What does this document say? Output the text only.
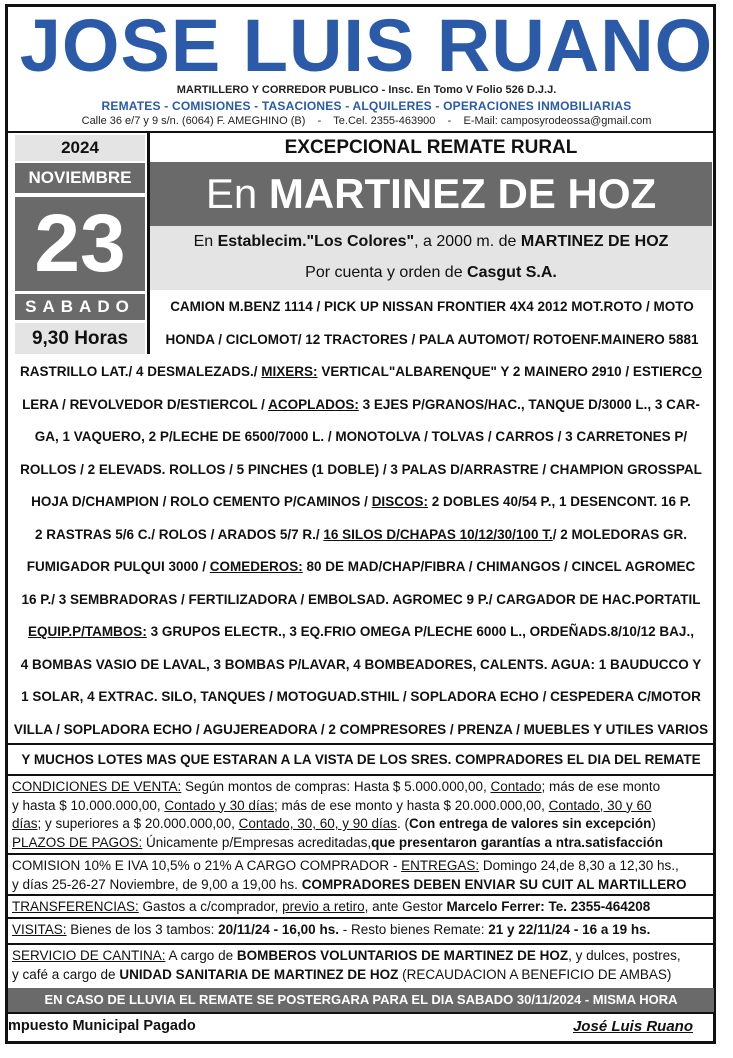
JOSE LUIS RUANO
MARTILLERO Y CORREDOR PUBLICO - Insc. En Tomo V Folio 526 D.J.J.
REMATES - COMISIONES - TASACIONES - ALQUILERES - OPERACIONES INMOBILIARIAS
Calle 36 e/7 y 9 s/n. (6064) F. AMEGHINO (B)    -    Te.Cel. 2355-463900    -    E-Mail: camposyrodeossa@gmail.com
2024
NOVIEMBRE
23
SABADO
9,30 Horas
EXCEPCIONAL REMATE RURAL
En MARTINEZ DE HOZ
En Establecim."Los Colores", a 2000 m. de MARTINEZ DE HOZ
Por cuenta y orden de Casgut S.A.
CAMION M.BENZ 1114 / PICK UP NISSAN FRONTIER 4X4 2012 MOT.ROTO / MOTO
HONDA / CICLOMOT/ 12 TRACTORES / PALA AUTOMOT/ ROTOENF.MAINERO 5881
RASTRILLO LAT./ 4 DESMALEZADS./ MIXERS: VERTICAL"ALBARENQUE" Y 2 MAINERO 2910 / ESTIERCO
LERA / REVOLVEDOR D/ESTIERCOL / ACOPLADOS: 3 EJES P/GRANOS/HAC., TANQUE D/3000 L., 3 CAR-
GA, 1 VAQUERO, 2 P/LECHE DE 6500/7000 L. / MONOTOLVA / TOLVAS / CARROS / 3 CARRETONES P/
ROLLOS / 2 ELEVADS. ROLLOS / 5 PINCHES (1 DOBLE) / 3 PALAS D/ARRASTRE / CHAMPION GROSSPAL
HOJA D/CHAMPION / ROLO CEMENTO P/CAMINOS / DISCOS: 2 DOBLES 40/54 P., 1 DESENCONT. 16 P.
2 RASTRAS 5/6 C./ ROLOS / ARADOS 5/7 R./ 16 SILOS D/CHAPAS 10/12/30/100 T./ 2 MOLEDORAS GR.
FUMIGADOR PULQUI 3000 / COMEDEROS: 80 DE MAD/CHAP/FIBRA / CHIMANGOS / CINCEL AGROMEC
16 P./ 3 SEMBRADORAS / FERTILIZADORA / EMBOLSAD. AGROMEC 9 P./ CARGADOR DE HAC.PORTATIL
EQUIP.P/TAMBOS: 3 GRUPOS ELECTR., 3 EQ.FRIO OMEGA P/LECHE 6000 L., ORDEÑADS.8/10/12 BAJ.,
4 BOMBAS VASIO DE LAVAL, 3 BOMBAS P/LAVAR, 4 BOMBEADORES, CALENTS. AGUA: 1 BAUDUCCO Y
1 SOLAR, 4 EXTRAC. SILO, TANQUES / MOTOGUAD.STHIL / SOPLADORA ECHO / CESPEDERA C/MOTOR
VILLA / SOPLADORA ECHO / AGUJEREADORA / 2 COMPRESORES / PRENZA / MUEBLES Y UTILES VARIOS
Y MUCHOS LOTES MAS QUE ESTARAN A LA VISTA DE LOS SRES. COMPRADORES EL DIA DEL REMATE

CONDICIONES DE VENTA: Según montos de compras: Hasta $ 5.000.000,00, Contado; más de ese monto

y hasta $ 10.000.000,00, Contado y 30 días; más de ese monto y hasta $ 20.000.000,00, Contado, 30 y 60

días; y superiores a $ 20.000.000,00, Contado, 30, 60, y 90 días. (Con entrega de valores sin excepción)

PLAZOS DE PAGOS: Únicamente p/Empresas acreditadas,que presentaron garantías a ntra.satisfacción

COMISION 10% E IVA 10,5% o 21% A CARGO COMPRADOR - ENTREGAS: Domingo 24,de 8,30 a 12,30 hs.,

y días 25-26-27 Noviembre, de 9,00 a 19,00 hs. COMPRADORES DEBEN ENVIAR SU CUIT AL MARTILLERO

TRANSFERENCIAS: Gastos a c/comprador, previo a retiro, ante Gestor Marcelo Ferrer: Te. 2355-464208

VISITAS: Bienes de los 3 tambos: 20/11/24 - 16,00 hs. - Resto bienes Remate: 21 y 22/11/24 - 16 a 19 hs.

SERVICIO DE CANTINA: A cargo de BOMBEROS VOLUNTARIOS DE MARTINEZ DE HOZ, y dulces, postres,

y café a cargo de UNIDAD SANITARIA DE MARTINEZ DE HOZ (RECAUDACION A BENEFICIO DE AMBAS)

EN CASO DE LLUVIA EL REMATE SE POSTERGARA PARA EL DIA SABADO 30/11/2024 - MISMA HORA
mpuesto Municipal Pagado	José Luis Ruano
